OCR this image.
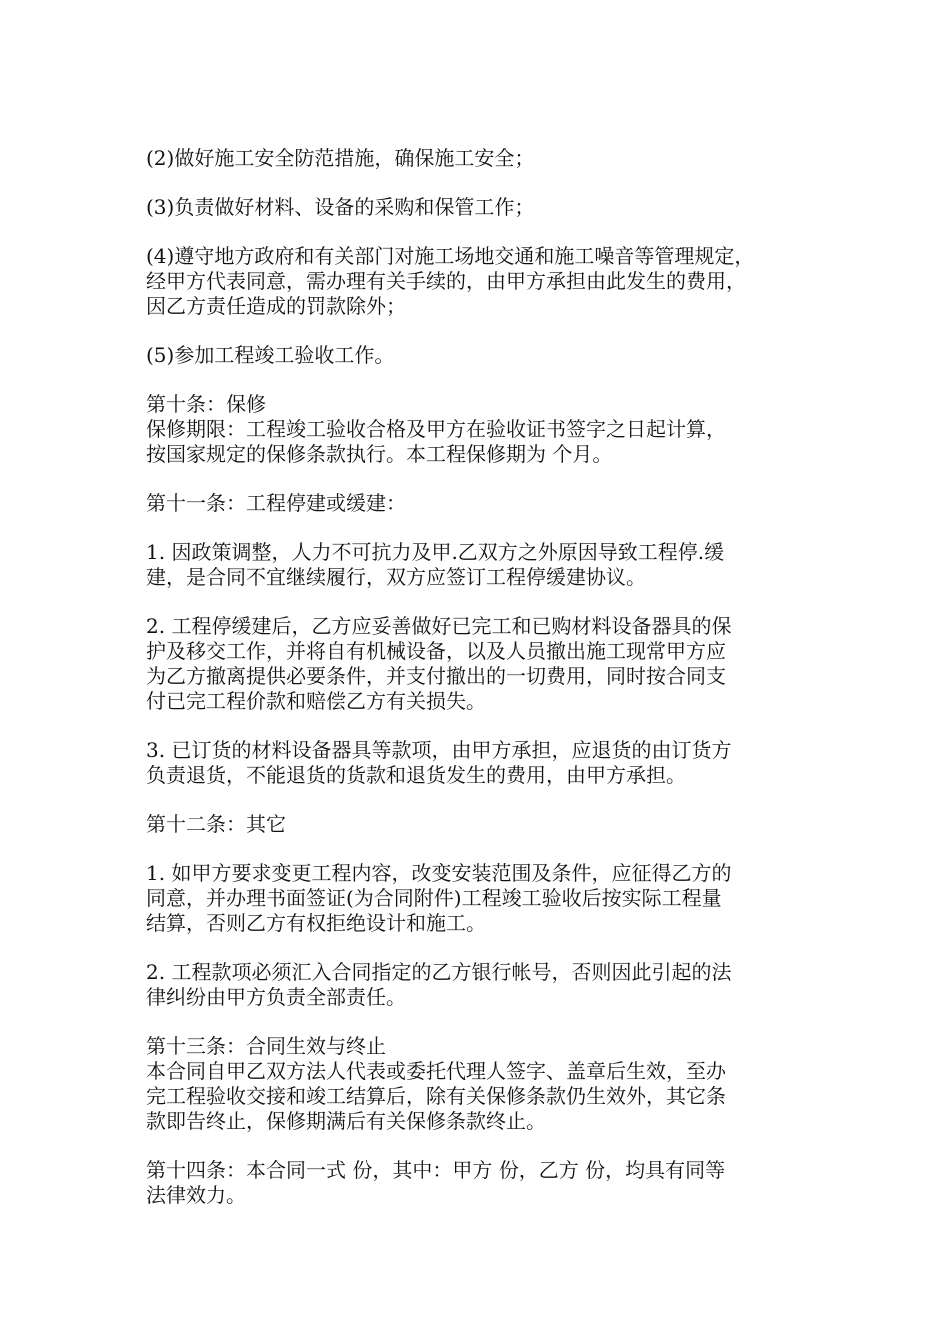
(2)做好施工安全防范措施，确保施工安全；
(3)负责做好材料、设备的采购和保管工作；
(4)遵守地方政府和有关部门对施工场地交通和施工噪音等管理规定，
经甲方代表同意，需办理有关手续的，由甲方承担由此发生的费用，
因乙方责任造成的罚款除外；
(5)参加工程竣工验收工作。
第十条：保修
保修期限：工程竣工验收合格及甲方在验收证书签字之日起计算，
按国家规定的保修条款执行。本工程保修期为 个月。
第十一条：工程停建或缓建：
1. 因政策调整，人力不可抗力及甲.乙双方之外原因导致工程停.缓
建，是合同不宜继续履行，双方应签订工程停缓建协议。
2. 工程停缓建后，乙方应妥善做好已完工和已购材料设备器具的保
护及移交工作，并将自有机械设备，以及人员撤出施工现常甲方应
为乙方撤离提供必要条件，并支付撤出的一切费用，同时按合同支
付已完工程价款和赔偿乙方有关损失。
3. 已订货的材料设备器具等款项，由甲方承担，应退货的由订货方
负责退货，不能退货的货款和退货发生的费用，由甲方承担。
第十二条：其它
1. 如甲方要求变更工程内容，改变安装范围及条件，应征得乙方的
同意，并办理书面签证(为合同附件)工程竣工验收后按实际工程量
结算，否则乙方有权拒绝设计和施工。
2. 工程款项必须汇入合同指定的乙方银行帐号，否则因此引起的法
律纠纷由甲方负责全部责任。
第十三条：合同生效与终止
本合同自甲乙双方法人代表或委托代理人签字、盖章后生效，至办
完工程验收交接和竣工结算后，除有关保修条款仍生效外，其它条
款即告终止，保修期满后有关保修条款终止。
第十四条：本合同一式 份，其中：甲方 份，乙方 份，均具有同等
法律效力。
